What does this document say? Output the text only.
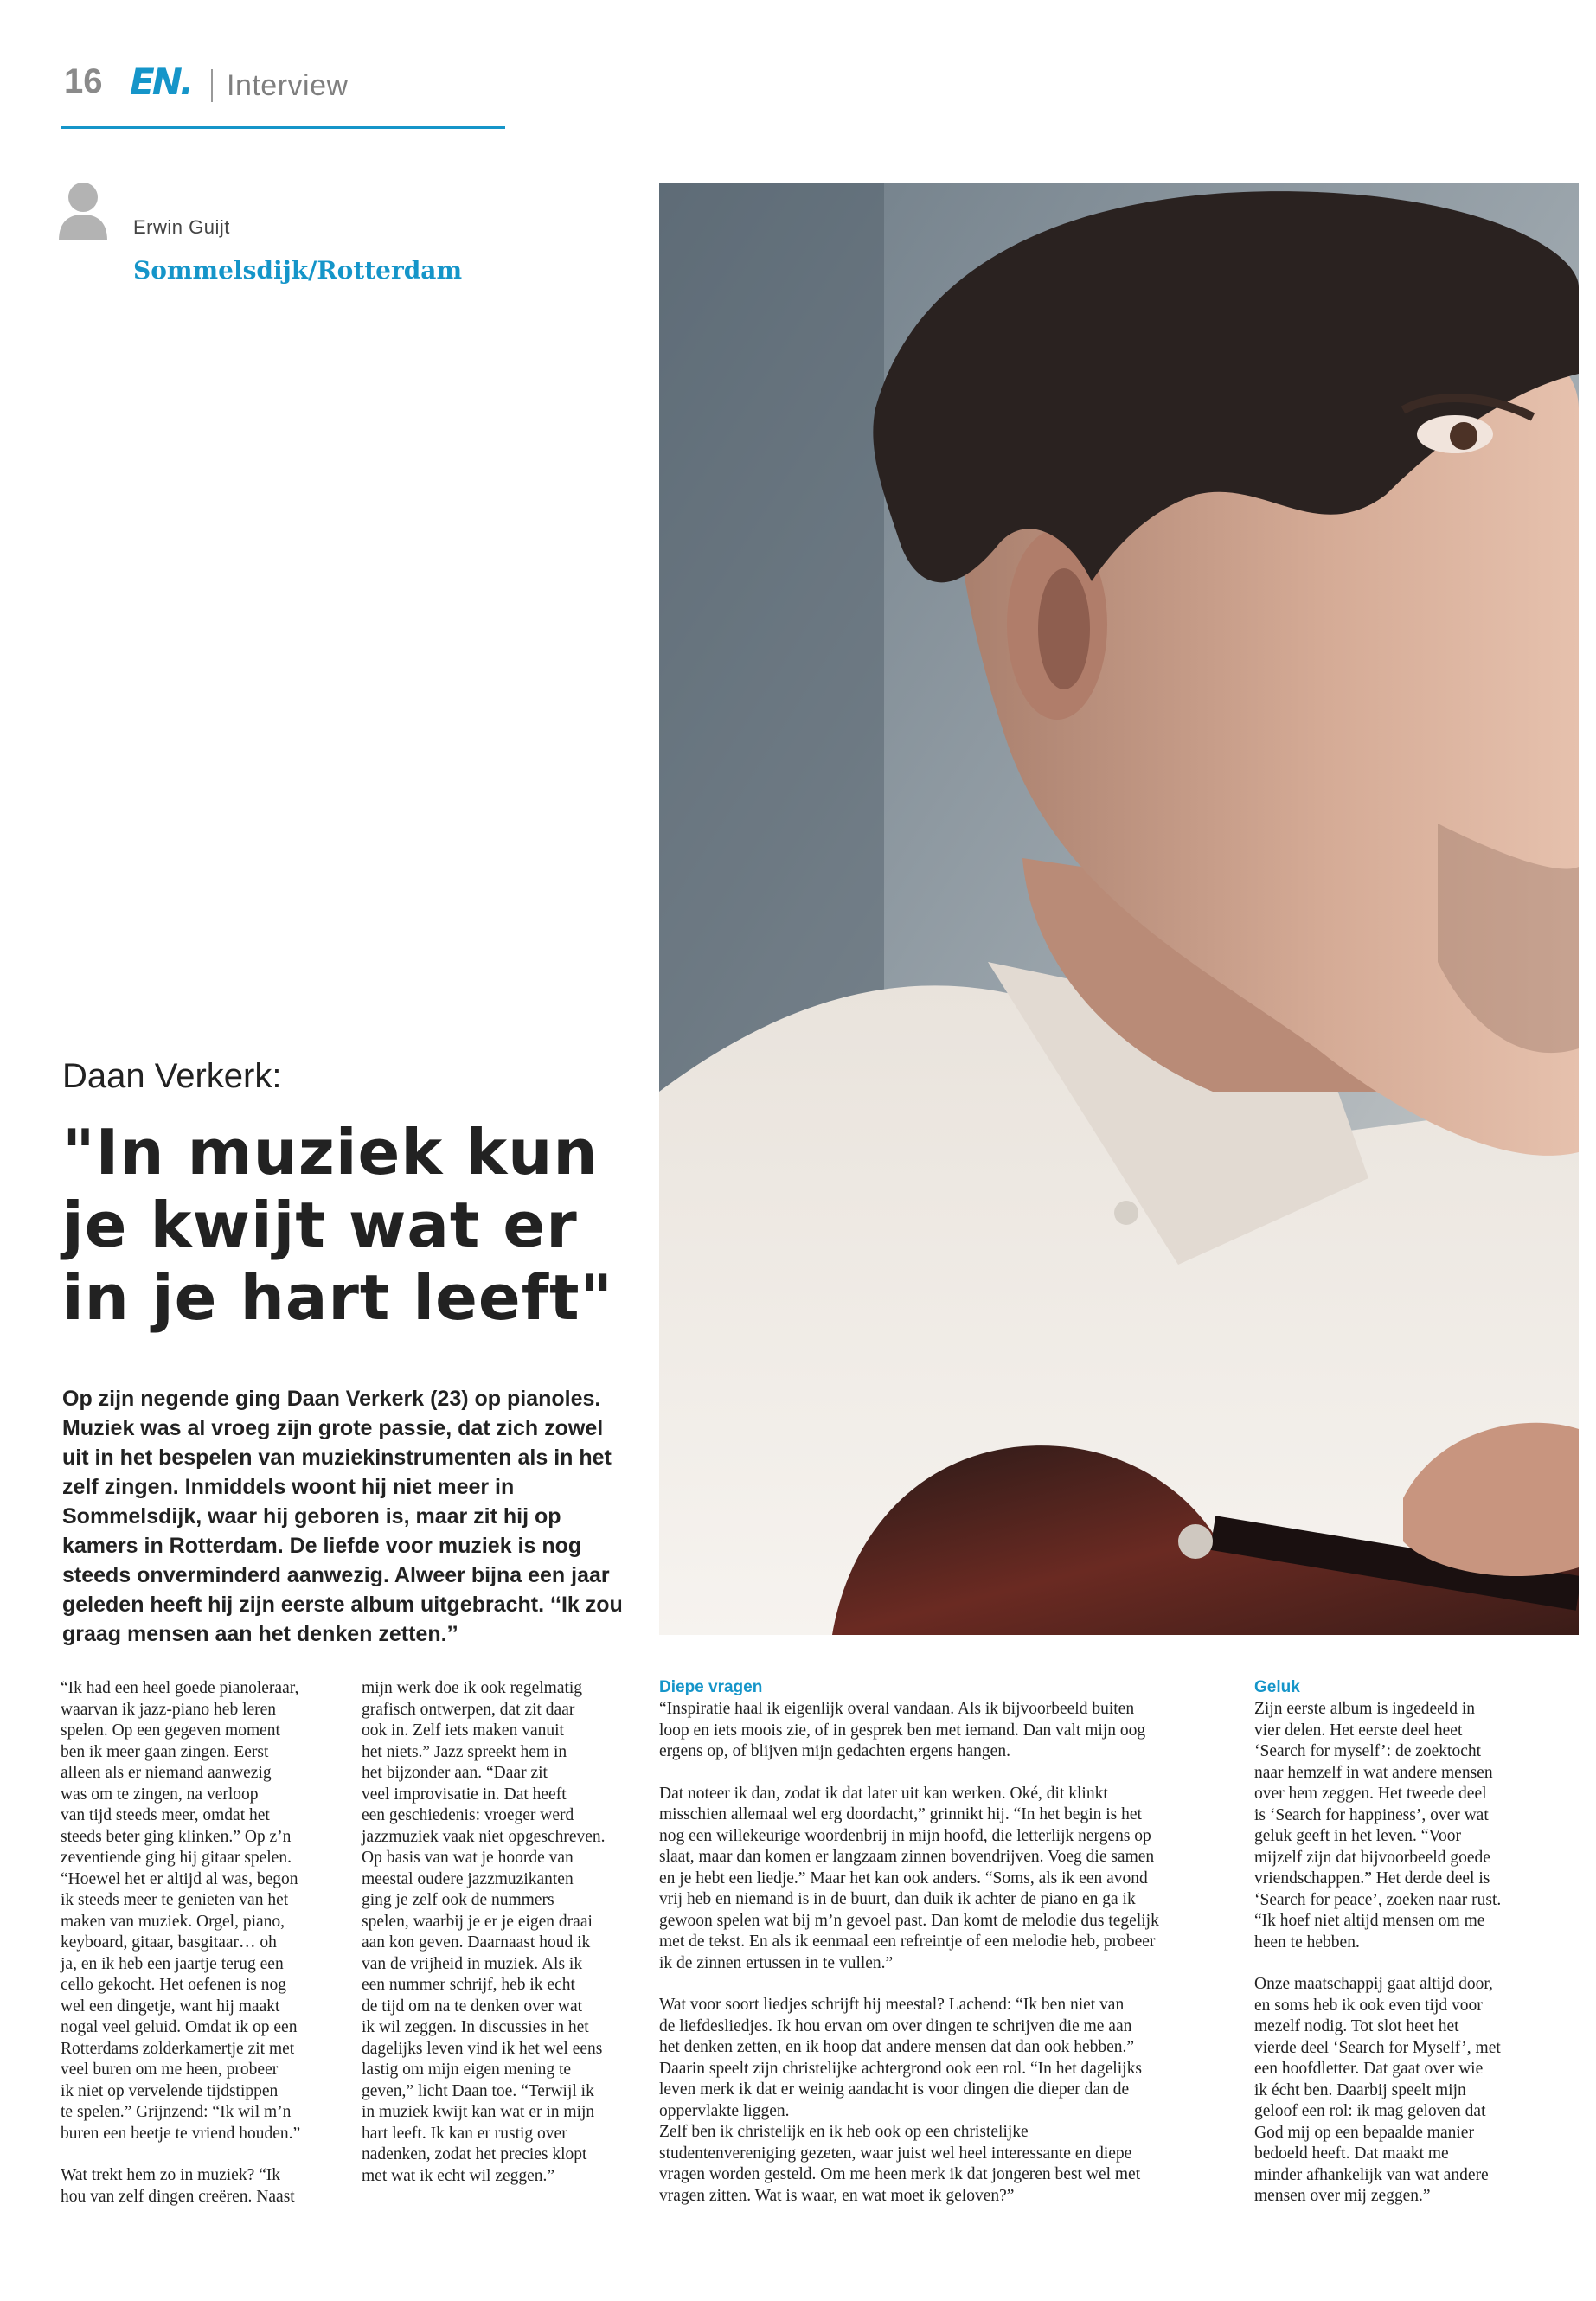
16 EN. Interview
Erwin Guijt
Sommelsdijk/Rotterdam
Daan Verkerk:
"In muziek kun
je kwijt wat er
in je hart leeft"
Op zijn negende ging Daan Verkerk (23) op pianoles. Muziek was al vroeg zijn grote passie, dat zich zowel uit in het bespelen van muziekinstrumenten als in het zelf zingen. Inmiddels woont hij niet meer in Sommelsdijk, waar hij geboren is, maar zit hij op kamers in Rotterdam. De liefde voor muziek is nog steeds onverminderd aanwezig. Alweer bijna een jaar geleden heeft hij zijn eerste album uitgebracht. ‘‘Ik zou graag mensen aan het denken zetten.’’

“Ik had een heel goede pianoleraar,
waarvan ik jazz-piano heb leren
spelen. Op een gegeven moment
ben ik meer gaan zingen. Eerst
alleen als er niemand aanwezig
was om te zingen, na verloop
van tijd steeds meer, omdat het
steeds beter ging klinken.” Op z’n
zeventiende ging hij gitaar spelen.
“Hoewel het er altijd al was, begon
ik steeds meer te genieten van het
maken van muziek. Orgel, piano,
keyboard, gitaar, basgitaar… oh
ja, en ik heb een jaartje terug een
cello gekocht. Het oefenen is nog
wel een dingetje, want hij maakt
nogal veel geluid. Omdat ik op een
Rotterdams zolderkamertje zit met
veel buren om me heen, probeer
ik niet op vervelende tijdstippen
te spelen.” Grijnzend: “Ik wil m’n
buren een beetje te vriend houden.”

Wat trekt hem zo in muziek? “Ik
hou van zelf dingen creëren. Naast

mijn werk doe ik ook regelmatig
grafisch ontwerpen, dat zit daar
ook in. Zelf iets maken vanuit
het niets.” Jazz spreekt hem in
het bijzonder aan. “Daar zit
veel improvisatie in. Dat heeft
een geschiedenis: vroeger werd
jazzmuziek vaak niet opgeschreven.
Op basis van wat je hoorde van
meestal oudere jazzmuzikanten
ging je zelf ook de nummers
spelen, waarbij je er je eigen draai
aan kon geven. Daarnaast houd ik
van de vrijheid in muziek. Als ik
een nummer schrijf, heb ik echt
de tijd om na te denken over wat
ik wil zeggen. In discussies in het
dagelijks leven vind ik het wel eens
lastig om mijn eigen mening te
geven,” licht Daan toe. “Terwijl ik
in muziek kwijt kan wat er in mijn
hart leeft. Ik kan er rustig over
nadenken, zodat het precies klopt
met wat ik echt wil zeggen.”

Diepe vragen

“Inspiratie haal ik eigenlijk overal vandaan. Als ik bijvoorbeeld buiten
loop en iets moois zie, of in gesprek ben met iemand. Dan valt mijn oog
ergens op, of blijven mijn gedachten ergens hangen.

Dat noteer ik dan, zodat ik dat later uit kan werken. Oké, dit klinkt
misschien allemaal wel erg doordacht,” grinnikt hij. “In het begin is het
nog een willekeurige woordenbrij in mijn hoofd, die letterlijk nergens op
slaat, maar dan komen er langzaam zinnen bovendrijven. Voeg die samen
en je hebt een liedje.” Maar het kan ook anders. “Soms, als ik een avond
vrij heb en niemand is in de buurt, dan duik ik achter de piano en ga ik
gewoon spelen wat bij m’n gevoel past. Dan komt de melodie dus tegelijk
met de tekst. En als ik eenmaal een refreintje of een melodie heb, probeer
ik de zinnen ertussen in te vullen.”

Wat voor soort liedjes schrijft hij meestal? Lachend: “Ik ben niet van
de liefdesliedjes. Ik hou ervan om over dingen te schrijven die me aan
het denken zetten, en ik hoop dat andere mensen dat dan ook hebben.”
Daarin speelt zijn christelijke achtergrond ook een rol. “In het dagelijks
leven merk ik dat er weinig aandacht is voor dingen die dieper dan de
oppervlakte liggen.
Zelf ben ik christelijk en ik heb ook op een christelijke
studentenvereniging gezeten, waar juist wel heel interessante en diepe
vragen worden gesteld. Om me heen merk ik dat jongeren best wel met
vragen zitten. Wat is waar, en wat moet ik geloven?”

Geluk

Zijn eerste album is ingedeeld in
vier delen. Het eerste deel heet
‘Search for myself’: de zoektocht
naar hemzelf in wat andere mensen
over hem zeggen. Het tweede deel
is ‘Search for happiness’, over wat
geluk geeft in het leven. “Voor
mijzelf zijn dat bijvoorbeeld goede
vriendschappen.” Het derde deel is
‘Search for peace’, zoeken naar rust.
“Ik hoef niet altijd mensen om me
heen te hebben.

Onze maatschappij gaat altijd door,
en soms heb ik ook even tijd voor
mezelf nodig. Tot slot heet het
vierde deel ‘Search for Myself’, met
een hoofdletter. Dat gaat over wie
ik écht ben. Daarbij speelt mijn
geloof een rol: ik mag geloven dat
God mij op een bepaalde manier
bedoeld heeft. Dat maakt me
minder afhankelijk van wat andere
mensen over mij zeggen.”
